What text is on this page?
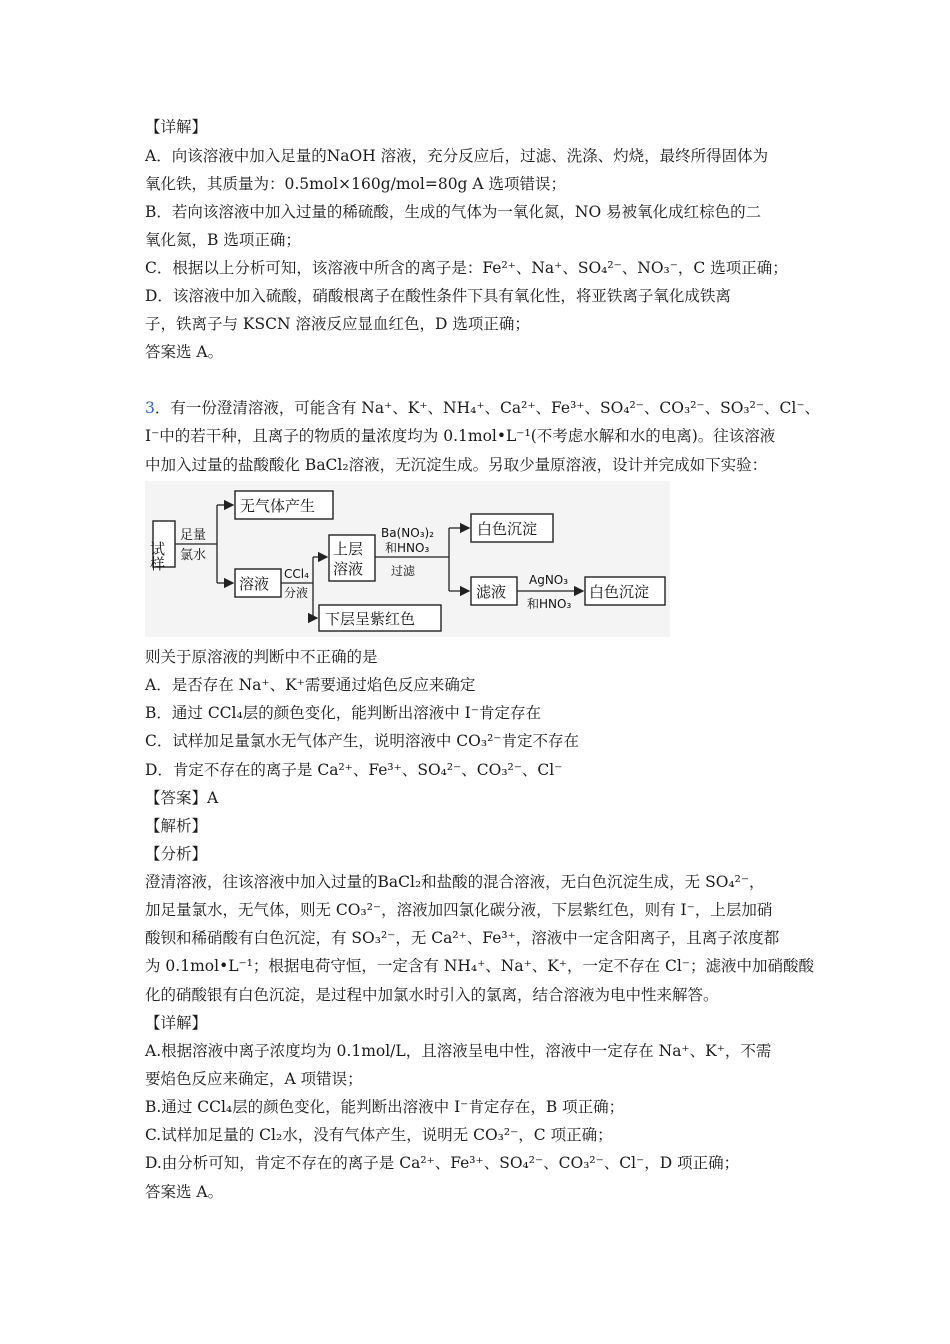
【详解】
A．向该溶液中加入足量的NaOH 溶液，充分反应后，过滤、洗涤、灼烧，最终所得固体为
氧化铁，其质量为：0.5mol×160g/mol=80g A 选项错误；
B．若向该溶液中加入过量的稀硫酸，生成的气体为一氧化氮，NO 易被氧化成红棕色的二
氧化氮，B 选项正确；
C．根据以上分析可知，该溶液中所含的离子是：Fe²⁺、Na⁺、SO₄²⁻、NO₃⁻，C 选项正确；
D．该溶液中加入硫酸，硝酸根离子在酸性条件下具有氧化性，将亚铁离子氧化成铁离
子，铁离子与 KSCN 溶液反应显血红色，D 选项正确；
答案选 A。
3．有一份澄清溶液，可能含有 Na⁺、K⁺、NH₄⁺、Ca²⁺、Fe³⁺、SO₄²⁻、CO₃²⁻、SO₃²⁻、Cl⁻、
I⁻中的若干种，且离子的物质的量浓度均为 0.1mol•L⁻¹(不考虑水解和水的电离)。往该溶液
中加入过量的盐酸酸化 BaCl₂溶液，无沉淀生成。另取少量原溶液，设计并完成如下实验：
试样
足量
氯水
无气体产生
溶液
CCl₄
分液
上层
溶液
Ba(NO₃)₂
和HNO₃
过滤
白色沉淀
滤液
AgNO₃
和HNO₃
白色沉淀
下层呈紫红色
则关于原溶液的判断中不正确的是
A．是否存在 Na⁺、K⁺需要通过焰色反应来确定
B．通过 CCl₄层的颜色变化，能判断出溶液中 I⁻肯定存在
C．试样加足量氯水无气体产生，说明溶液中 CO₃²⁻肯定不存在
D．肯定不存在的离子是 Ca²⁺、Fe³⁺、SO₄²⁻、CO₃²⁻、Cl⁻
【答案】A
【解析】
【分析】
澄清溶液，往该溶液中加入过量的BaCl₂和盐酸的混合溶液，无白色沉淀生成，无 SO₄²⁻，
加足量氯水，无气体，则无 CO₃²⁻，溶液加四氯化碳分液，下层紫红色，则有 I⁻，上层加硝
酸钡和稀硝酸有白色沉淀，有 SO₃²⁻，无 Ca²⁺、Fe³⁺，溶液中一定含阳离子，且离子浓度都
为 0.1mol•L⁻¹；根据电荷守恒，一定含有 NH₄⁺、Na⁺、K⁺，一定不存在 Cl⁻；滤液中加硝酸酸
化的硝酸银有白色沉淀，是过程中加氯水时引入的氯离，结合溶液为电中性来解答。
【详解】
A.根据溶液中离子浓度均为 0.1mol/L，且溶液呈电中性，溶液中一定存在 Na⁺、K⁺，不需
要焰色反应来确定，A 项错误；
B.通过 CCl₄层的颜色变化，能判断出溶液中 I⁻肯定存在，B 项正确；
C.试样加足量的 Cl₂水，没有气体产生，说明无 CO₃²⁻，C 项正确；
D.由分析可知，肯定不存在的离子是 Ca²⁺、Fe³⁺、SO₄²⁻、CO₃²⁻、Cl⁻，D 项正确；
答案选 A。
